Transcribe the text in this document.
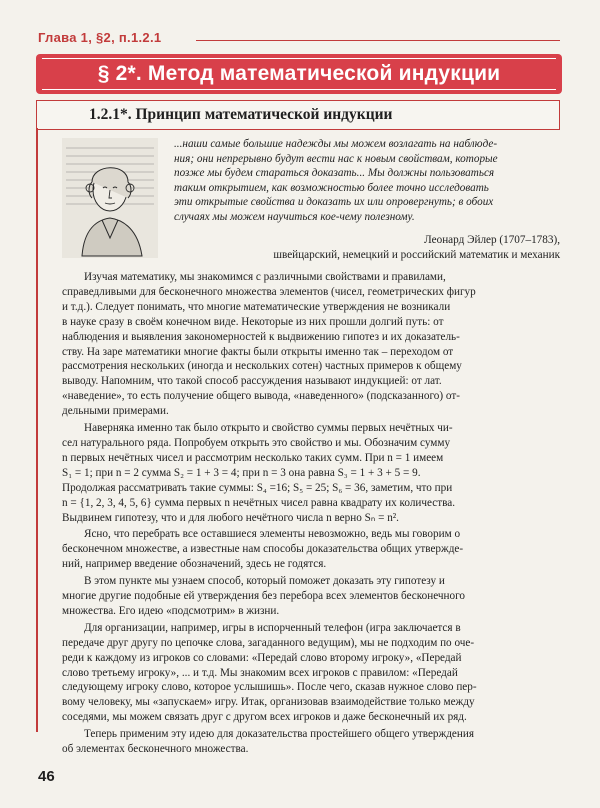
Глава 1, §2, п.1.2.1
§ 2*. Метод математической индукции
1.2.1*. Принцип математической индукции
...наши самые большие надежды мы можем возлагать на наблюде-
ния; они непрерывно будут вести нас к новым свойствам, которые
позже мы будем стараться доказать... Мы должны пользоваться
таким открытием, как возможностью более точно исследовать
эти открытые свойства и доказать их или опровергнуть; в обоих
случаях мы можем научиться кое-чему полезному.
Леонард Эйлер (1707–1783),
швейцарский, немецкий и российский математик и механик
Изучая математику, мы знакомимся с различными свойствами и правилами,
справедливыми для бесконечного множества элементов (чисел, геометрических фигур
и т.д.). Следует понимать, что многие математические утверждения не возникали
в науке сразу в своём конечном виде. Некоторые из них прошли долгий путь: от
наблюдения и выявления закономерностей к выдвижению гипотез и их доказатель-
ству. На заре математики многие факты были открыты именно так – переходом от
рассмотрения нескольких (иногда и нескольких сотен) частных примеров к общему
выводу. Напомним, что такой способ рассуждения называют индукцией: от лат.
«наведение», то есть получение общего вывода, «наведенного» (подсказанного) от-
дельными примерами.
Наверняка именно так было открыто и свойство суммы первых нечётных чи-
сел натурального ряда. Попробуем открыть это свойство и мы. Обозначим сумму
n первых нечётных чисел и рассмотрим несколько таких сумм. При n = 1 имеем
S₁ = 1; при n = 2 сумма S₂ = 1 + 3 = 4; при n = 3 она равна S₃ = 1 + 3 + 5 = 9.
Продолжая рассматривать такие суммы: S₄ =16; S₅ = 25; S₆ = 36, заметим, что при
n = {1, 2, 3, 4, 5, 6} сумма первых n нечётных чисел равна квадрату их количества.
Выдвинем гипотезу, что и для любого нечётного числа n верно Sₙ = n².
Ясно, что перебрать все оставшиеся элементы невозможно, ведь мы говорим о
бесконечном множестве, а известные нам способы доказательства общих утвержде-
ний, например введение обозначений, здесь не годятся.
В этом пункте мы узнаем способ, который поможет доказать эту гипотезу и
многие другие подобные ей утверждения без перебора всех элементов бесконечного
множества. Его идею «подсмотрим» в жизни.
Для организации, например, игры в испорченный телефон (игра заключается в
передаче друг другу по цепочке слова, загаданного ведущим), мы не подходим по оче-
реди к каждому из игроков со словами: «Передай слово второму игроку», «Передай
слово третьему игроку», ... и т.д. Мы знакомим всех игроков с правилом: «Передай
следующему игроку слово, которое услышишь». После чего, сказав нужное слово пер-
вому человеку, мы «запускаем» игру. Итак, организовав взаимодействие только между
соседями, мы можем связать друг с другом всех игроков и даже бесконечный их ряд.
Теперь применим эту идею для доказательства простейшего общего утверждения
об элементах бесконечного множества.
46
